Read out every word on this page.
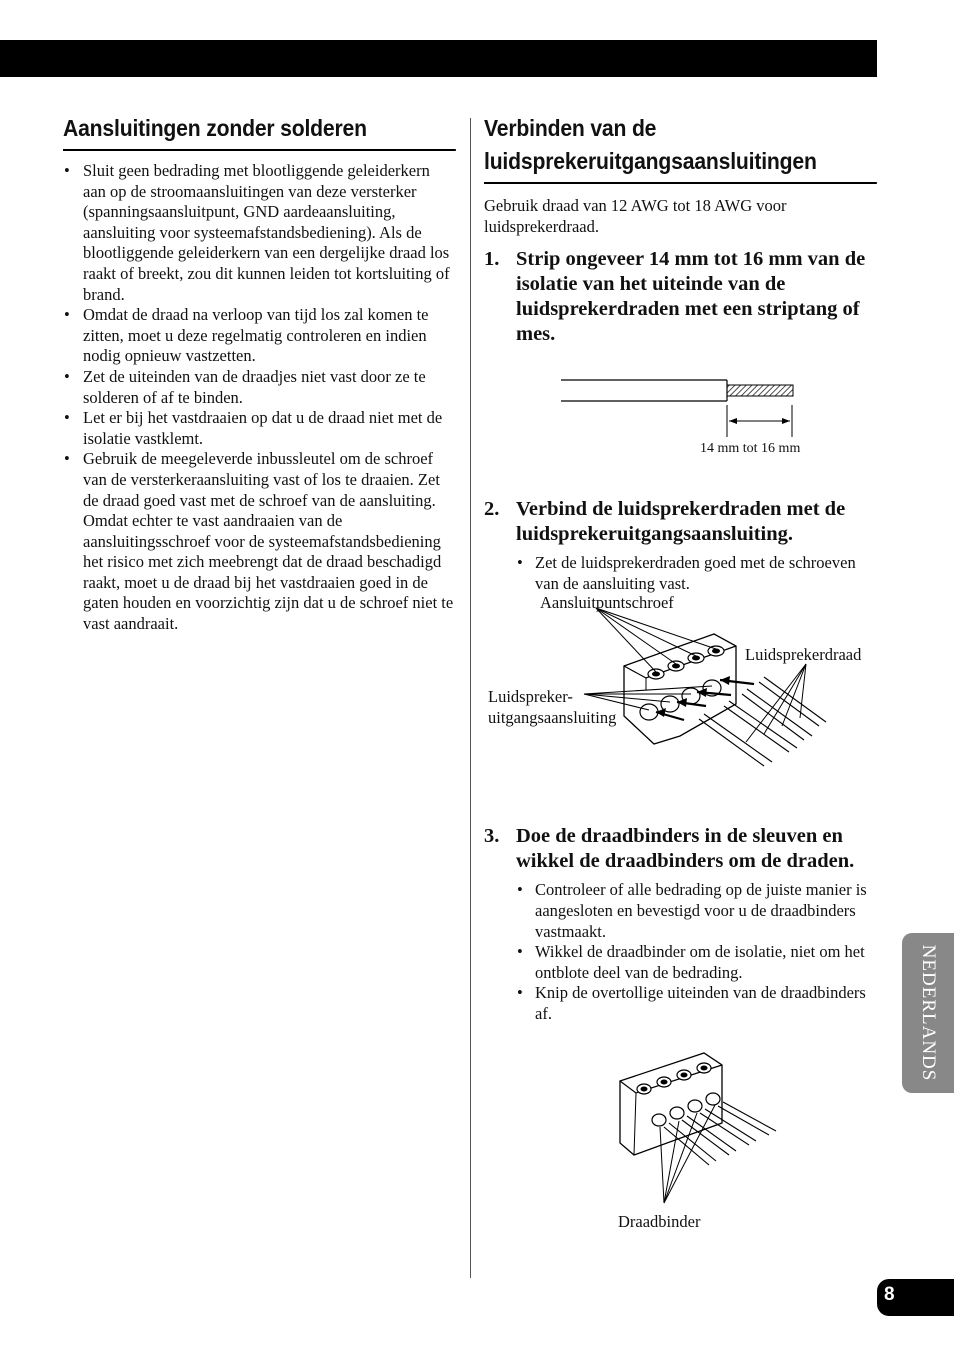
Aansluitingen zonder solderen
• Sluit geen bedrading met blootliggende geleiderkern aan op de stroomaansluitingen van deze versterker (spanningsaansluitpunt, GND aardeaansluiting, aansluiting voor systeemafstandsbediening). Als de blootliggende geleiderkern van een dergelijke draad los raakt of breekt, zou dit kunnen leiden tot kortsluiting of brand.
• Omdat de draad na verloop van tijd los zal komen te zitten, moet u deze regelmatig controleren en indien nodig opnieuw vastzetten.
• Zet de uiteinden van de draadjes niet vast door ze te solderen of af te binden.
• Let er bij het vastdraaien op dat u de draad niet met de isolatie vastklemt.
• Gebruik de meegeleverde inbussleutel om de schroef van de versterkeraansluiting vast of los te draaien. Zet de draad goed vast met de schroef van de aansluiting. Omdat echter te vast aandraaien van de aansluitingsschroef voor de systeemafstandsbediening het risico met zich meebrengt dat de draad beschadigd raakt, moet u de draad bij het vastdraaien goed in de gaten houden en voorzichtig zijn dat u de schroef niet te vast aandraait.
Verbinden van de
luidsprekeruitgangsaansluitingen

Gebruik draad van 12 AWG tot 18 AWG voor luidsprekerdraad.

1. Strip ongeveer 14 mm tot 16 mm van de isolatie van het uiteinde van de luidsprekerdraden met een striptang of mes.
14 mm tot 16 mm
2. Verbind de luidsprekerdraden met de luidsprekeruitgangsaansluiting.
• Zet de luidsprekerdraden goed met de schroeven van de aansluiting vast.
Aansluitpuntschroef
Luidsprekerdraad
Luidspreker-
uitgangsaansluiting
3. Doe de draadbinders in de sleuven en wikkel de draadbinders om de draden.
• Controleer of alle bedrading op de juiste manier is aangesloten en bevestigd voor u de draadbinders vastmaakt.
• Wikkel de draadbinder om de isolatie, niet om het ontblote deel van de bedrading.
• Knip de overtollige uiteinden van de draadbinders af.
Draadbinder
NEDERLANDS
8
